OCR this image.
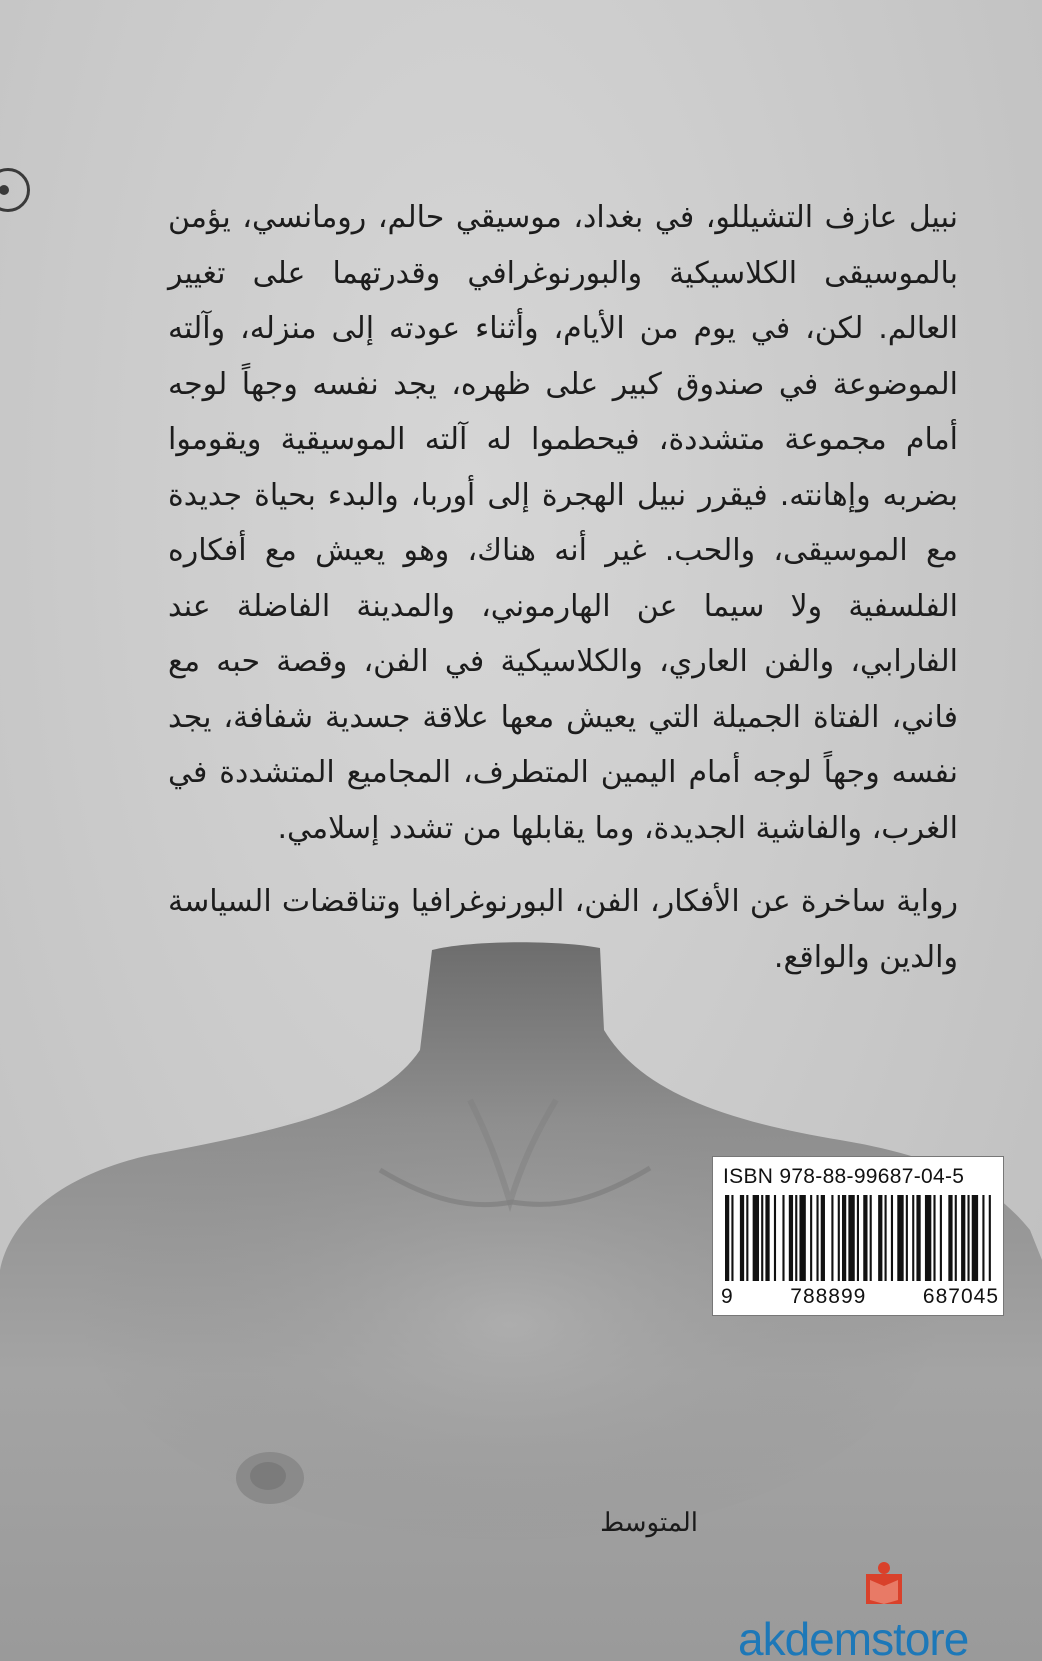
نبيل عازف التشيللو، في بغداد، موسيقي حالم، رومانسي، يؤمن بالموسيقى الكلاسيكية والبورنوغرافي وقدرتهما على تغيير العالم. لكن، في يوم من الأيام، وأثناء عودته إلى منزله، وآلته الموضوعة في صندوق كبير على ظهره، يجد نفسه وجهاً لوجه أمام مجموعة متشددة، فيحطموا له آلته الموسيقية ويقوموا بضربه وإهانته. فيقرر نبيل الهجرة إلى أوربا، والبدء بحياة جديدة مع الموسيقى، والحب. غير أنه هناك، وهو يعيش مع أفكاره الفلسفية ولا سيما عن الهارموني، والمدينة الفاضلة عند الفارابي، والفن العاري، والكلاسيكية في الفن، وقصة حبه مع فاني، الفتاة الجميلة التي يعيش معها علاقة جسدية شفافة، يجد نفسه وجهاً لوجه أمام اليمين المتطرف، المجاميع المتشددة في الغرب، والفاشية الجديدة، وما يقابلها من تشدد إسلامي.

رواية ساخرة عن الأفكار، الفن، البورنوغرافيا وتناقضات السياسة والدين والواقع.

المتوسط
ISBN 978-88-99687-04-5
9	788899	687045
akdemstore
